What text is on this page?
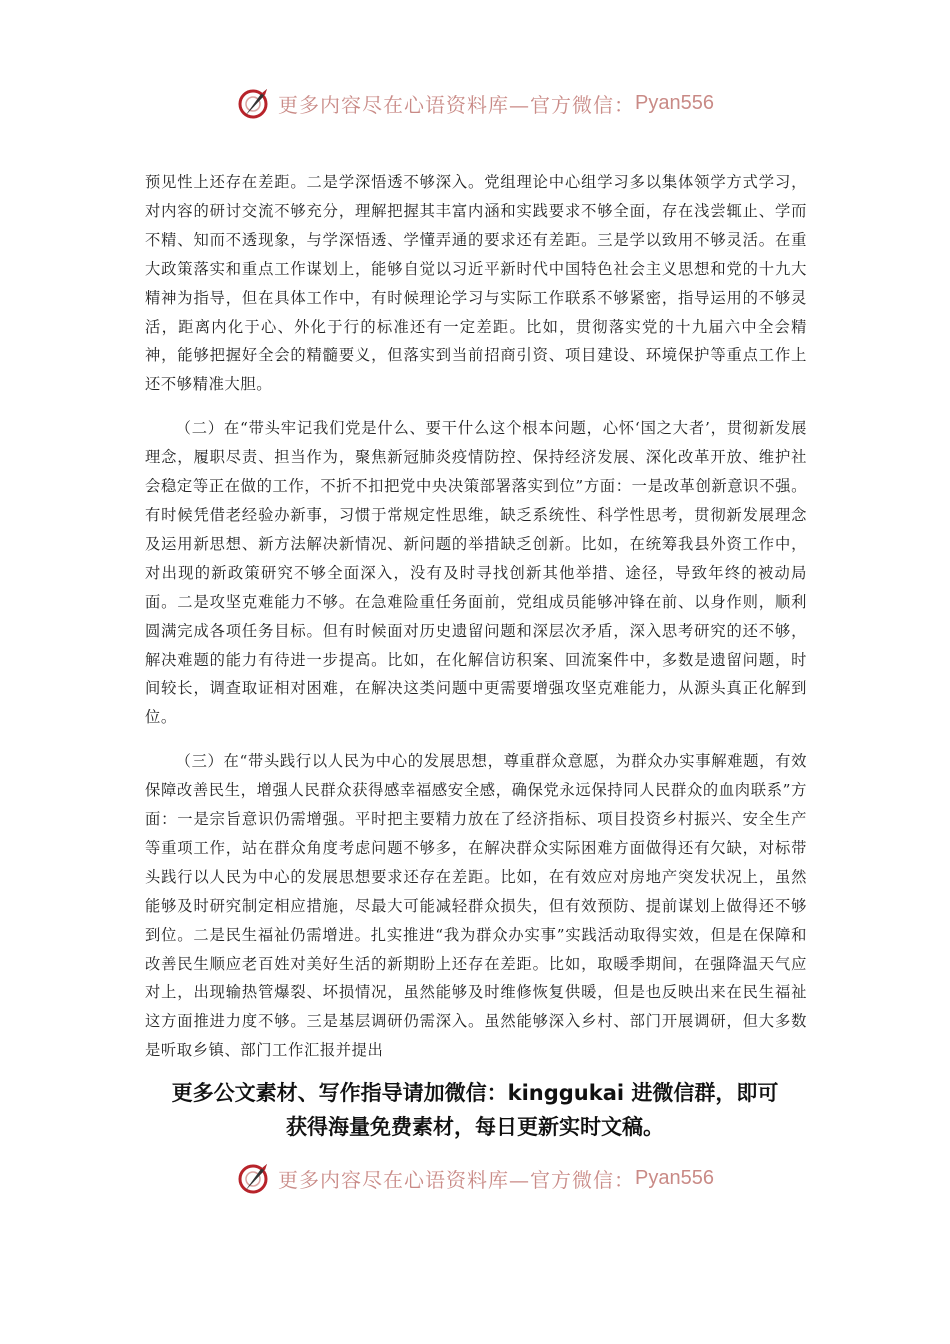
更多内容尽在心语资料库—官方微信： Pyan556

预见性上还存在差距。二是学深悟透不够深入。党组理论中心组学习多以集体领学方式学习，对内容的研讨交流不够充分，理解把握其丰富内涵和实践要求不够全面，存在浅尝辄止、学而不精、知而不透现象，与学深悟透、学懂弄通的要求还有差距。三是学以致用不够灵活。在重大政策落实和重点工作谋划上，能够自觉以习近平新时代中国特色社会主义思想和党的十九大精神为指导，但在具体工作中，有时候理论学习与实际工作联系不够紧密，指导运用的不够灵活，距离内化于心、外化于行的标准还有一定差距。比如，贯彻落实党的十九届六中全会精神，能够把握好全会的精髓要义，但落实到当前招商引资、项目建设、环境保护等重点工作上还不够精准大胆。

（二）在“带头牢记我们党是什么、要干什么这个根本问题，心怀‘国之大者’，贯彻新发展理念，履职尽责、担当作为，聚焦新冠肺炎疫情防控、保持经济发展、深化改革开放、维护社会稳定等正在做的工作，不折不扣把党中央决策部署落实到位”方面：一是改革创新意识不强。有时候凭借老经验办新事，习惯于常规定性思维，缺乏系统性、科学性思考，贯彻新发展理念及运用新思想、新方法解决新情况、新问题的举措缺乏创新。比如，在统筹我县外资工作中，对出现的新政策研究不够全面深入，没有及时寻找创新其他举措、途径，导致年终的被动局面。二是攻坚克难能力不够。在急难险重任务面前，党组成员能够冲锋在前、以身作则，顺利圆满完成各项任务目标。但有时候面对历史遗留问题和深层次矛盾，深入思考研究的还不够，解决难题的能力有待进一步提高。比如，在化解信访积案、回流案件中，多数是遗留问题，时间较长，调查取证相对困难，在解决这类问题中更需要增强攻坚克难能力，从源头真正化解到位。

（三）在“带头践行以人民为中心的发展思想，尊重群众意愿，为群众办实事解难题，有效保障改善民生，增强人民群众获得感幸福感安全感，确保党永远保持同人民群众的血肉联系”方面：一是宗旨意识仍需增强。平时把主要精力放在了经济指标、项目投资乡村振兴、安全生产等重项工作，站在群众角度考虑问题不够多，在解决群众实际困难方面做得还有欠缺，对标带头践行以人民为中心的发展思想要求还存在差距。比如，在有效应对房地产突发状况上，虽然能够及时研究制定相应措施，尽最大可能减轻群众损失，但有效预防、提前谋划上做得还不够到位。二是民生福祉仍需增进。扎实推进“我为群众办实事”实践活动取得实效，但是在保障和改善民生顺应老百姓对美好生活的新期盼上还存在差距。比如，取暖季期间，在强降温天气应对上，出现输热管爆裂、坏损情况，虽然能够及时维修恢复供暖，但是也反映出来在民生福祉这方面推进力度不够。三是基层调研仍需深入。虽然能够深入乡村、部门开展调研，但大多数是听取乡镇、部门工作汇报并提出

更多公文素材、写作指导请加微信：kinggukai 进微信群，即可

获得海量免费素材，每日更新实时文稿。

更多内容尽在心语资料库—官方微信： Pyan556
